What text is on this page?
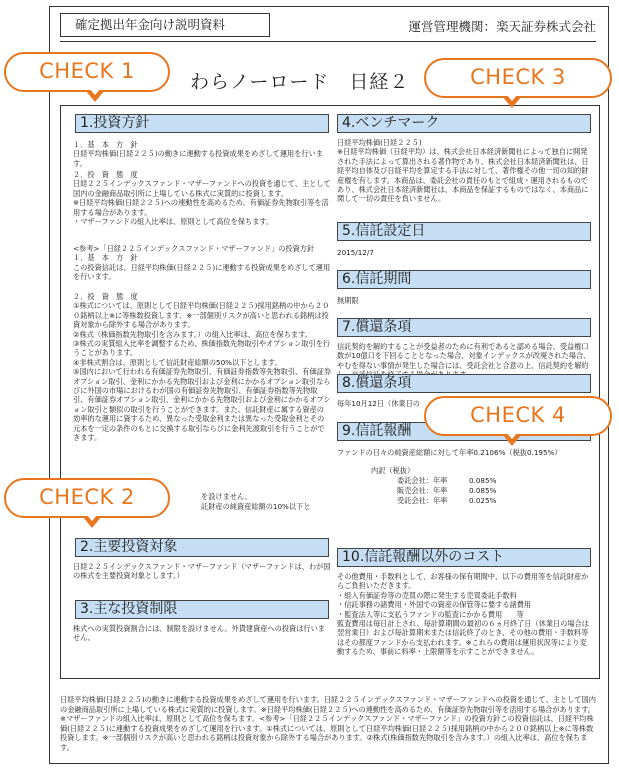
確定拠出年金向け説明資料	運営管理機関：楽天証券株式会社
わらノーロード　日経２
1.投資方針
１．基　本　方　針
日経平均株価(日経２２５)の動きに連動する投資成果をめざして運用を行います。
２．投　資　態　度
日経２２５インデックスファンド・マザーファンドへの投資を通じて、主として国内の金融商品取引所に上場している株式に実質的に投資します。
※日経平均株価(日経２２５)への連動性を高めるため、有価証券先物取引等を活用する場合があります。
・マザーファンドの組入比率は、原則として高位を保ちます。
<参考>「日経２２５インデックスファンド・マザーファンド」の投資方針
１．基　本　方　針
この投資信託は、日経平均株価(日経２２５)に連動する投資成果をめざして運用を行います。
２．投　資　態　度
①株式については、原則として日経平均株価(日経２２５)採用銘柄の中から２００銘柄以上※に等株数投資します。※一部個別リスクが高いと思われる銘柄は投資対象から除外する場合があります。
②株式（株価指数先物取引を含みます。）の組入比率は、高位を保ちます。
③株式の実質組入比率を調整するため、株価指数先物取引やオプション取引を行うことがあります。
④非株式割合は、原則として信託財産総額の50%以下とします。
⑤国内において行われる有価証券先物取引、有価証券指数等先物取引、有価証券オプション取引、金利にかかる先物取引および金利にかかるオプション取引ならびに外国の市場におけるわが国の有価証券先物取引、有価証券指数等先物取引、有価証券オプション取引、金利にかかる先物取引および金利にかかるオプション取引と類似の取引を行うことができます。また、信託財産に属する資産の効率的な運用に資するため、異なった受取金利または異なった受取金利とその元本を一定の条件のもとに交換する取引ならびに金利先渡取引を行うことができます。
を設けません。
託財産の純資産総額の10%以下と
2.主要投資対象
日経２２５インデックスファンド・マザーファンド（マザーファンドは、わが国の株式を主要投資対象とします。）
3.主な投資制限
株式への実質投資割合には、制限を設けません。外貨建資産への投資は行いません。
4.ベンチマーク
日経平均株価(日経２２５)
※日経平均株価（日経平均）は、株式会社日本経済新聞社によって独自に開発された手法によって算出される著作物であり、株式会社日本経済新聞社は、日経平均自体及び日経平均を算定する手法に対して、著作権その他一切の知的財産権を有します。本商品は、委託会社の責任のもとで組成・運用されるものであり、株式会社日本経済新聞社は、本商品を保証するものではなく、本商品に関して一切の責任を負いません。
5.信託設定日
2015/12/7
6.信託期間
無期限
7.償還条項
信託契約を解約することが受益者のために有利であると認める場合、受益権口数が10億口を下回ることとなった場合、対象インデックスが改廃された場合、やむを得ない事情が発生した場合には、受託会社と合意の上、信託契約を解約
8.償還条項
毎年10月12日（休業日の
9.信託報酬
ファンドの日々の純資産総額に対して年率0.2106%（税抜0.195%）
内訳（税抜）
委託会社：年率	0.085%
販売会社：年率	0.085%
受託会社：年率	0.025%
10.信託報酬以外のコスト
その他費用・手数料として、お客様の保有期間中、以下の費用等を信託財産からご負担いただきます。
・組入有価証券等の売買の際に発生する売買委託手数料
・信託事務の諸費用・外国での資産の保管等に要する諸費用
・監査法人等に支払うファンドの監査にかかる費用　　等
監査費用は毎日計上され、毎計算期間の最初の６ヵ月終了日（休業日の場合は翌営業日）および毎計算期末または信託終了のとき、その他の費用・手数料等はその都度ファンドから支払われます。※これらの費用は運用状況等により変動するため、事前に料率・上限額等を示すことができません。
日経平均株価(日経２２５)の動きに連動する投資成果をめざして運用を行います。日経２２５インデックスファンド・マザーファンドへの投資を通じて、主として国内の金融商品取引所に上場している株式に実質的に投資します。※日経平均株価(日経２２５)への連動性を高めるため、有価証券先物取引等を活用する場合があります。※マザーファンドの組入比率は、原則として高位を保ちます。<参考>「日経２２５インデックスファンド・マザーファンド」の投資方針この投資信託は、日経平均株価(日経２２５)に連動する投資成果をめざして運用を行います。①株式については、原則として日経平均株価(日経２２５)採用銘柄の中から２００銘柄以上※に等株数投資します。※一部個別リスクが高いと思われる銘柄は投資対象から除外する場合があります。②株式(株価指数先物取引を含みます。）の組入比率は、高位を保ちます。
CHECK 1	CHECK 3
CHECK 2
CHECK 4
